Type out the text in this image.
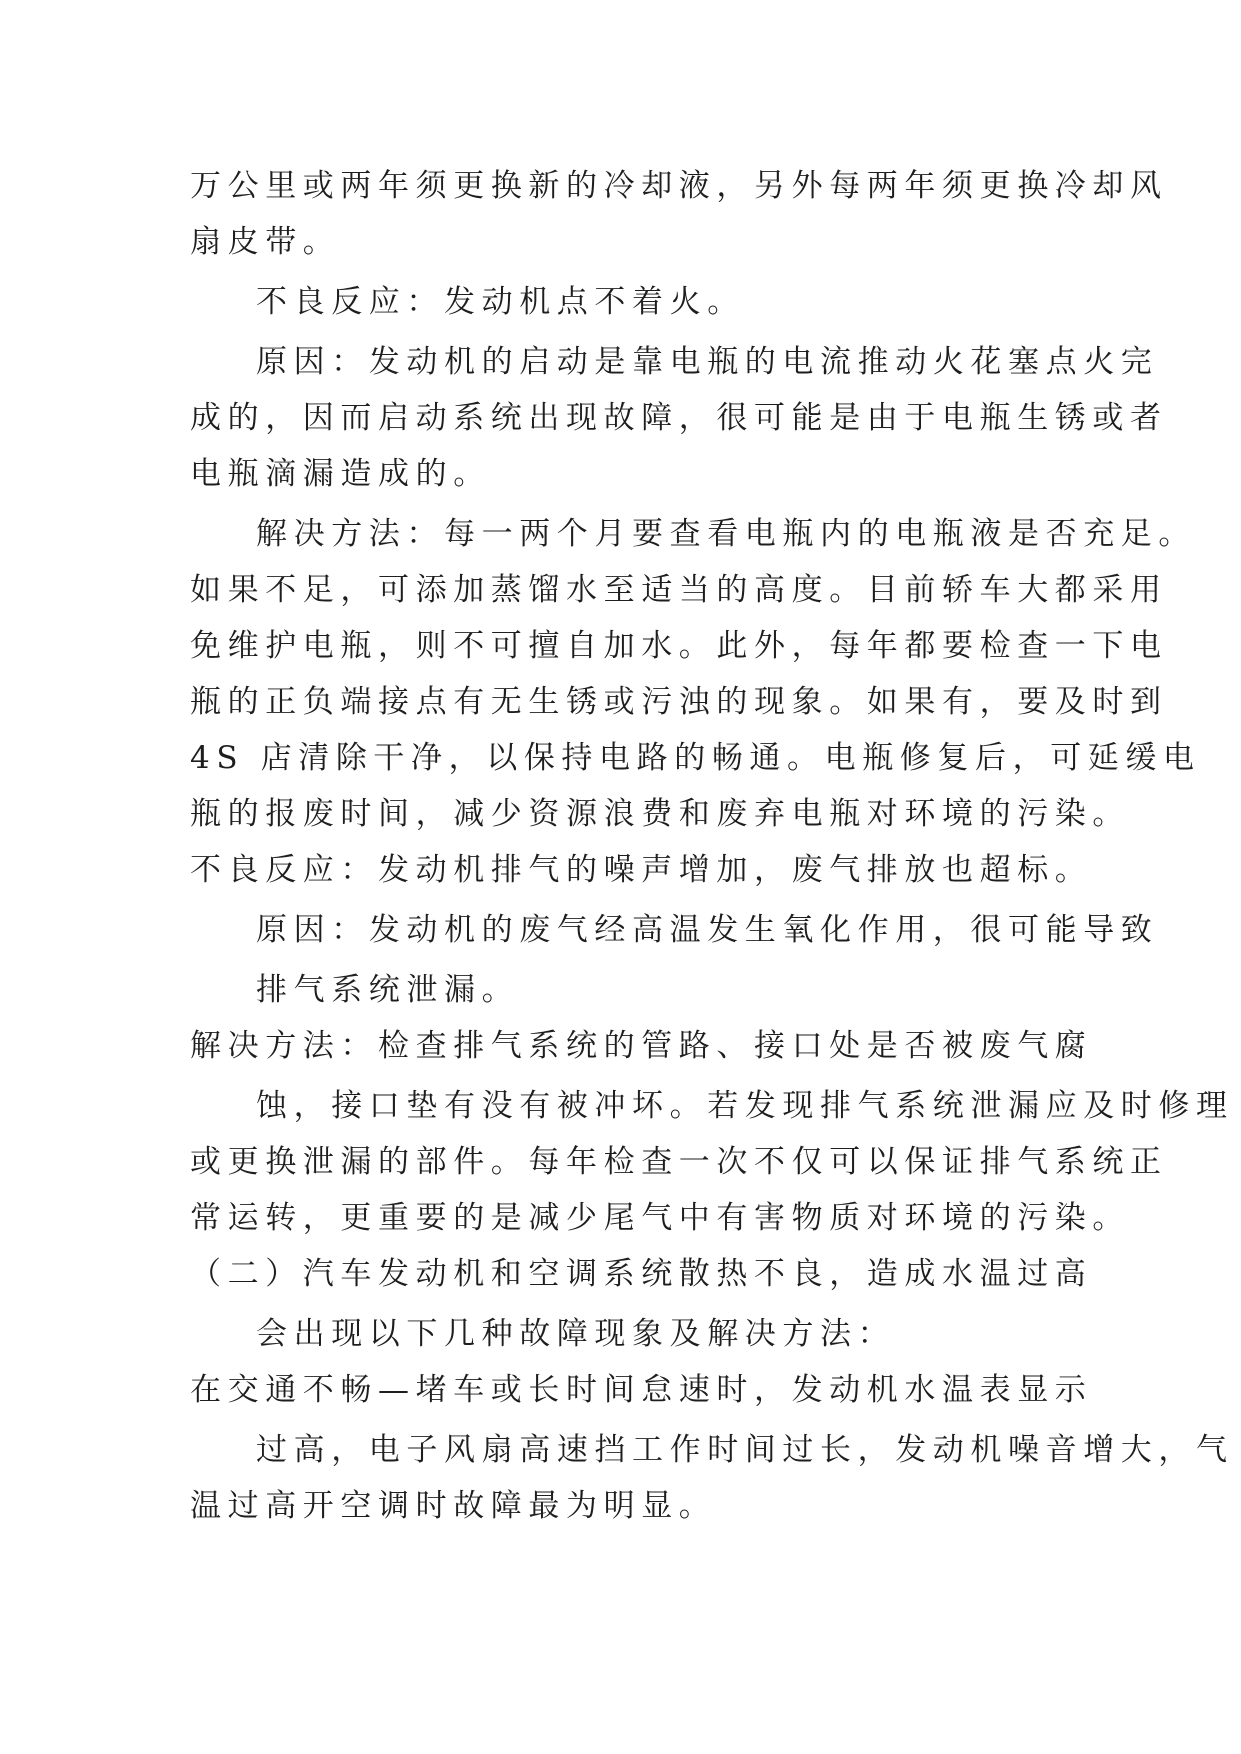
万公里或两年须更换新的冷却液，另外每两年须更换冷却风
扇皮带。
不良反应：发动机点不着火。
原因：发动机的启动是靠电瓶的电流推动火花塞点火完
成的，因而启动系统出现故障，很可能是由于电瓶生锈或者
电瓶滴漏造成的。
解决方法：每一两个月要查看电瓶内的电瓶液是否充足。
如果不足，可添加蒸馏水至适当的高度。目前轿车大都采用
免维护电瓶，则不可擅自加水。此外，每年都要检查一下电
瓶的正负端接点有无生锈或污浊的现象。如果有，要及时到
4S 店清除干净，以保持电路的畅通。电瓶修复后，可延缓电
瓶的报废时间，减少资源浪费和废弃电瓶对环境的污染。
不良反应：发动机排气的噪声增加，废气排放也超标。
原因：发动机的废气经高温发生氧化作用，很可能导致
排气系统泄漏。
解决方法：检查排气系统的管路、接口处是否被废气腐
蚀，接口垫有没有被冲坏。若发现排气系统泄漏应及时修理
或更换泄漏的部件。每年检查一次不仅可以保证排气系统正
常运转，更重要的是减少尾气中有害物质对环境的污染。
（二）汽车发动机和空调系统散热不良，造成水温过高
会出现以下几种故障现象及解决方法：
在交通不畅—堵车或长时间怠速时，发动机水温表显示
过高，电子风扇高速挡工作时间过长，发动机噪音增大，气
温过高开空调时故障最为明显。
